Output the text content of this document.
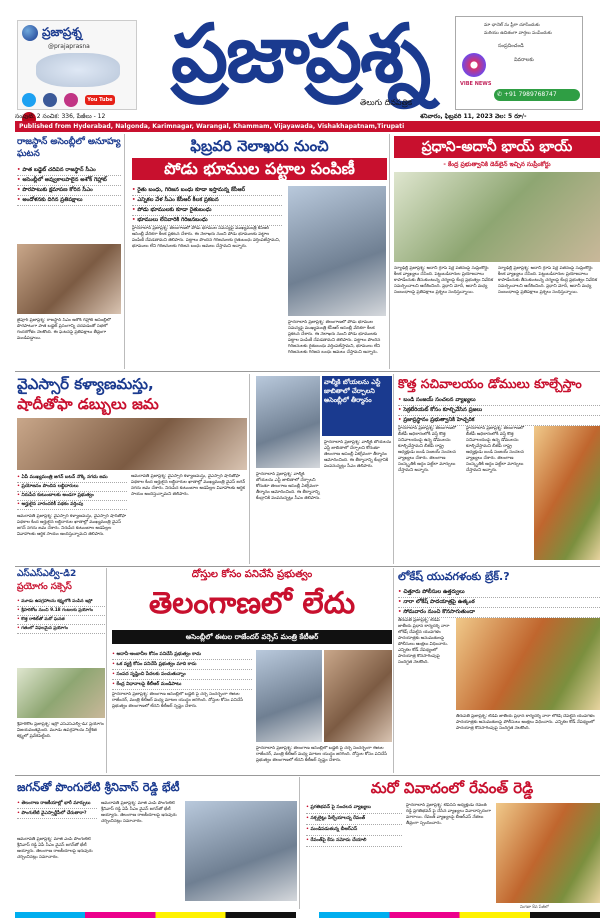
ప్రజాప్రశ్న
@prajaprasna
You Tube ప్రజాప్రశ్న
తెలుగు దినపత్రిక
మా ఛానెల్ ను ఫ్రీగా చూసేందుకు
మరియు ఉచితంగా వార్తలు పంపేందుకు
సంప్రదించండి
వివరాలకు
VIBE NEWS
✆ +91 7989768747
సంపుటి: 2 సంచిక: 336, పేజీలు - 12	శనివారం, ఫిబ్రవరి 11, 2023 వెల: 5 రూ/-
Published from Hyderabad, Nalgonda, Karimnagar, Warangal, Khammam, Vijayawada, Vishakhapatnam,Tirupati
రాజస్థాన్ అసెంబ్లీలో అనూహ్య ఘటన
• పాత బడ్జెట్ చదివిన రాజస్థాన్ సీఎం
• అసెంబ్లీలో అవ్వుకాలపాలైన అశోక్ గెహ్లాట్
• పొరపాటుకు క్షమాపణ కోరిన సీఎం
• అందోళనకు దిగిన ప్రతిపక్షాలు
జైపూర్ ప్రజాప్రశ్న: రాజస్థాన్ సీఎం అశోక్ గెహ్లాట్ అసెంబ్లీలో పొరపాటుగా పాత బడ్జెట్ ప్రసంగాన్ని చదవడంతో సభలో గందరగోళం నెలకొంది. ఈ ఘటనపై ప్రతిపక్షాలు తీవ్రంగా మండిపడ్డాయి.
ఫిబ్రవరి నెలాఖరు నుంచి
పోడు భూముల పట్టాల పంపిణీ
• రైతు బంధు, గిరిజన బంధు కూడా ఇస్తామన్న కేసీఆర్
• ఎన్నికల వేళ సీఎం కేసీఆర్ కీలక ప్రకటన
• పోడు భూములకు కూడా రైతుబంధు
• భూములు లేనివారికి గిరిజనబంధు
హైదరాబాద్ ప్రజాప్రశ్న: తెలంగాణలో పోడు భూముల సమస్యపై ముఖ్యమంత్రి కేసీఆర్ అసెంబ్లీ వేదికగా కీలక ప్రకటన చేశారు. ఈ నెలాఖరు నుంచి పోడు భూములకు పట్టాల పంపిణీ చేపడతామని తెలిపారు. పట్టాలు పొందిన గిరిజనులకు రైతుబంధు వర్తింపజేస్తామని, భూములు లేని గిరిజనులకు గిరిజన బంధు అమలు చేస్తామని అన్నారు.
హైదరాబాద్ ప్రజాప్రశ్న: తెలంగాణలో పోడు భూముల సమస్యపై ముఖ్యమంత్రి కేసీఆర్ అసెంబ్లీ వేదికగా కీలక ప్రకటన చేశారు. ఈ నెలాఖరు నుంచి పోడు భూములకు పట్టాల పంపిణీ చేపడతామని తెలిపారు. పట్టాలు పొందిన గిరిజనులకు రైతుబంధు వర్తింపజేస్తామని, భూములు లేని గిరిజనులకు గిరిజన బంధు అమలు చేస్తామని అన్నారు.
ప్రధాని-అదానీ భాయ్ భాయ్
- కేంద్ర ప్రభుత్వానికి డెడ్‌లైన్ ఇచ్చిన సుప్రీంకోర్టు
న్యూఢిల్లీ ప్రజాప్రశ్న: అదానీ గ్రూప్ షేర్ల పతనంపై సుప్రీంకోర్టు కీలక వ్యాఖ్యలు చేసింది. పెట్టుబడిదారుల ప్రయోజనాలు కాపాడేందుకు తీసుకుంటున్న చర్యలపై కేంద్ర ప్రభుత్వం నివేదిక సమర్పించాలని ఆదేశించింది. ప్రధాని మోదీ, అదానీ మధ్య సంబంధాలపై ప్రతిపక్షాలు ప్రశ్నలు సంధిస్తున్నాయి.
న్యూఢిల్లీ ప్రజాప్రశ్న: అదానీ గ్రూప్ షేర్ల పతనంపై సుప్రీంకోర్టు కీలక వ్యాఖ్యలు చేసింది. పెట్టుబడిదారుల ప్రయోజనాలు కాపాడేందుకు తీసుకుంటున్న చర్యలపై కేంద్ర ప్రభుత్వం నివేదిక సమర్పించాలని ఆదేశించింది. ప్రధాని మోదీ, అదానీ మధ్య సంబంధాలపై ప్రతిపక్షాలు ప్రశ్నలు సంధిస్తున్నాయి.
వైఎస్సార్ కళ్యాణమస్తు,
షాదీతోఫా డబ్బులు జమ
• ఏపీ ముఖ్యమంత్రి జగన్ బటన్ నొక్కి నగదు జమ
• ప్రయోజనం పొందిన లబ్ధిదారులు
• నిరుపేద కుటుంబాలకు అండగా ప్రభుత్వం
• అర్హులైన వారందరికీ పథకం వర్తింపు
అమరావతి ప్రజాప్రశ్న: వైఎస్సార్ కళ్యాణమస్తు, వైఎస్సార్ షాదీతోఫా పథకాల కింద అర్హులైన లబ్ధిదారుల ఖాతాల్లో ముఖ్యమంత్రి వైఎస్ జగన్ నగదు జమ చేశారు. నిరుపేద కుటుంబాల ఆడపిల్లల వివాహాలకు ఆర్థిక సాయం అందిస్తున్నామని తెలిపారు.
అమరావతి ప్రజాప్రశ్న: వైఎస్సార్ కళ్యాణమస్తు, వైఎస్సార్ షాదీతోఫా పథకాల కింద అర్హులైన లబ్ధిదారుల ఖాతాల్లో ముఖ్యమంత్రి వైఎస్ జగన్ నగదు జమ చేశారు. నిరుపేద కుటుంబాల ఆడపిల్లల వివాహాలకు ఆర్థిక సాయం అందిస్తున్నామని తెలిపారు.
వాల్మీకి బోయలను ఎస్టీ జాబితాలో చేర్చాలని అసెంబ్లీలో తీర్మానం
హైదరాబాద్ ప్రజాప్రశ్న: వాల్మీకి బోయలను ఎస్టీ జాబితాలో చేర్చాలని కోరుతూ తెలంగాణ అసెంబ్లీ ఏకగ్రీవంగా తీర్మానం ఆమోదించింది. ఈ తీర్మానాన్ని కేంద్రానికి పంపనున్నట్లు సీఎం తెలిపారు.
హైదరాబాద్ ప్రజాప్రశ్న: వాల్మీకి బోయలను ఎస్టీ జాబితాలో చేర్చాలని కోరుతూ తెలంగాణ అసెంబ్లీ ఏకగ్రీవంగా తీర్మానం ఆమోదించింది. ఈ తీర్మానాన్ని కేంద్రానికి పంపనున్నట్లు సీఎం తెలిపారు.
కొత్త సచివాలయం డోములు కూల్చేస్తాం
• బండి సంజయ్ సంచలన వ్యాఖ్యలు
• సెక్రటేరియట్ కోసం కూల్చివేసిన ప్రజలు
• ప్రజాప్రస్థానం ప్రభుత్వానికి హెచ్చరిక
హైదరాబాద్ ప్రజాప్రశ్న: తెలంగాణలో బీజేపీ అధికారంలోకి వస్తే కొత్త సచివాలయంపై ఉన్న డోములను కూల్చివేస్తామని బీజేపీ రాష్ట్ర అధ్యక్షుడు బండి సంజయ్ సంచలన వ్యాఖ్యలు చేశారు. తెలంగాణ సంస్కృతికి అద్దం పట్టేలా మార్పులు చేస్తామని అన్నారు.
హైదరాబాద్ ప్రజాప్రశ్న: తెలంగాణలో బీజేపీ అధికారంలోకి వస్తే కొత్త సచివాలయంపై ఉన్న డోములను కూల్చివేస్తామని బీజేపీ రాష్ట్ర అధ్యక్షుడు బండి సంజయ్ సంచలన వ్యాఖ్యలు చేశారు. తెలంగాణ సంస్కృతికి అద్దం పట్టేలా మార్పులు చేస్తామని అన్నారు.
ఎస్ఎస్ఎల్వీ-డి2
ప్రయోగం సక్సెస్
• మూడు ఉపగ్రహాలను కక్ష్యలోకి పంపిన ఇస్రో
• శ్రీహరికోట నుంచి 9.18 గంటలకు ప్రయోగం
• కొత్త రాకెట్‌తో మరో ఘనత
• గతంలో విఫలమైన ప్రయోగం
శ్రీహరికోట ప్రజాప్రశ్న: ఇస్రో ఎస్ఎస్ఎల్వీ-డి2 ప్రయోగం విజయవంతమైంది. మూడు ఉపగ్రహాలను నిర్దేశిత కక్ష్యలో ప్రవేశపెట్టింది.
దోస్తుల కోసం పనిచేసే ప్రభుత్వం
తెలంగాణలో లేదు
అసెంబ్లీలో ఈటల రాజేందర్ వర్సెస్ మంత్రి కేటీఆర్
• అదానీ-అంబానీల కోసం పనిచేసే ప్రభుత్వం కాదు
• ఒక వ్యక్తి కోసం పనిచేసే ప్రభుత్వం మాది కాదు
• సంపద సృష్టించి పేదలకు పంచుతున్నాం
• కేంద్ర విధానాలపై కేటీఆర్ మండిపాటు
హైదరాబాద్ ప్రజాప్రశ్న: తెలంగాణ అసెంబ్లీలో బడ్జెట్ పై చర్చ సందర్భంగా ఈటల రాజేందర్, మంత్రి కేటీఆర్ మధ్య మాటల యుద్ధం జరిగింది. దోస్తుల కోసం పనిచేసే ప్రభుత్వం తెలంగాణలో లేదని కేటీఆర్ స్పష్టం చేశారు.
హైదరాబాద్ ప్రజాప్రశ్న: తెలంగాణ అసెంబ్లీలో బడ్జెట్ పై చర్చ సందర్భంగా ఈటల రాజేందర్, మంత్రి కేటీఆర్ మధ్య మాటల యుద్ధం జరిగింది. దోస్తుల కోసం పనిచేసే ప్రభుత్వం తెలంగాణలో లేదని కేటీఆర్ స్పష్టం చేశారు.
లోకేష్ యువగళంకు బ్రేక్.?
• చిత్తూరు పోలీసుల ఉత్తర్వులు
• నారా లోకేష్ పాదయాత్రపై ఉత్కంఠ
• సోమవారం నుంచి కొనసాగుతుందా
తిరుపతి ప్రజాప్రశ్న: టీడీపీ జాతీయ ప్రధాన కార్యదర్శి నారా లోకేష్ చేపట్టిన యువగళం పాదయాత్రకు అనుమతులపై పోలీసులు ఆంక్షలు విధించారు. ఎన్నికల కోడ్ నేపథ్యంలో పాదయాత్ర కొనసాగింపుపై సందిగ్ధత నెలకొంది.
తిరుపతి ప్రజాప్రశ్న: టీడీపీ జాతీయ ప్రధాన కార్యదర్శి నారా లోకేష్ చేపట్టిన యువగళం పాదయాత్రకు అనుమతులపై పోలీసులు ఆంక్షలు విధించారు. ఎన్నికల కోడ్ నేపథ్యంలో పాదయాత్ర కొనసాగింపుపై సందిగ్ధత నెలకొంది.
జగన్‌తో పొంగులేటి శ్రీనివాస్ రెడ్డి భేటీ
• తెలంగాణ రాజకీయాల్లో భారీ మార్పులు
• పొంగులేటి వైఎస్సార్టీపీలో చేరుతారా?
అమరావతి ప్రజాప్రశ్న: మాజీ ఎంపీ పొంగులేటి శ్రీనివాస్ రెడ్డి ఏపీ సీఎం వైఎస్ జగన్‌తో భేటీ అయ్యారు. తెలంగాణ రాజకీయాలపై ఇరువురు చర్చించినట్లు సమాచారం.
అమరావతి ప్రజాప్రశ్న: మాజీ ఎంపీ పొంగులేటి శ్రీనివాస్ రెడ్డి ఏపీ సీఎం వైఎస్ జగన్‌తో భేటీ అయ్యారు. తెలంగాణ రాజకీయాలపై ఇరువురు చర్చించినట్లు సమాచారం.
మరో వివాదంలో రేవంత్ రెడ్డి
• ప్రగతిభవన్ పై సంచలన వ్యాఖ్యలు
• నక్సలైట్లు పేల్చేయాలన్న రేవంత్
• మండిపడుతున్న బీఆర్ఎస్
• రేవంత్‌పై కేసు నమోదు చేయాలి
హైదరాబాద్ ప్రజాప్రశ్న: టీపీసీసీ అధ్యక్షుడు రేవంత్ రెడ్డి ప్రగతిభవన్ పై చేసిన వ్యాఖ్యలు వివాదాస్పదంగా మారాయి. రేవంత్ వ్యాఖ్యలపై బీఆర్ఎస్ నేతలు తీవ్రంగా స్పందించారు.
మిగతా 8వ పేజీలో
